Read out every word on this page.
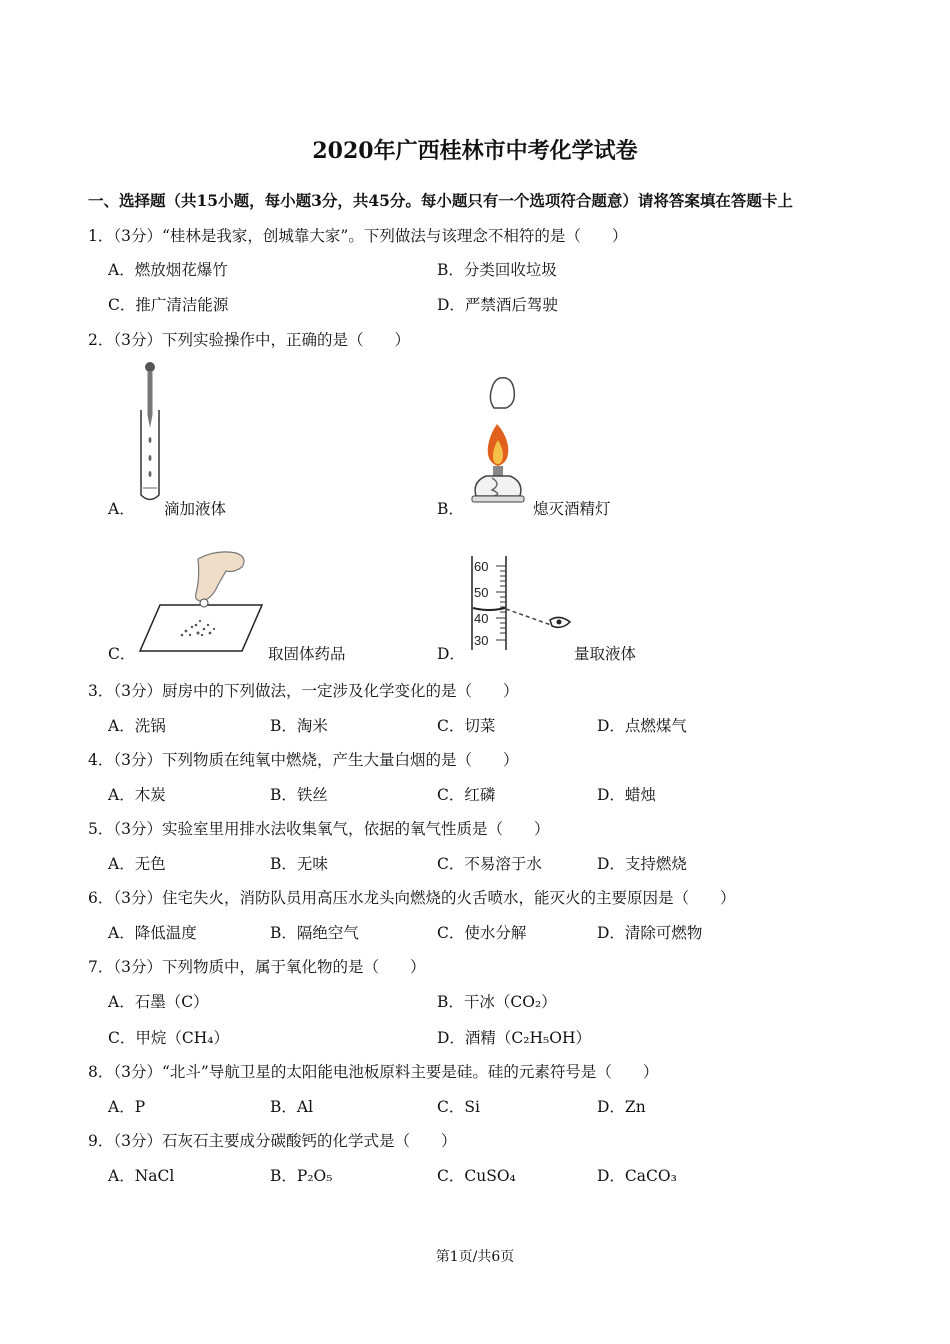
2020年广西桂林市中考化学试卷
一、选择题（共15小题，每小题3分，共45分。每小题只有一个选项符合题意）请将答案填在答题卡上
1．（3分）“桂林是我家，创城靠大家”。下列做法与该理念不相符的是（　　）
A．燃放烟花爆竹	B．分类回收垃圾
C．推广清洁能源	D．严禁酒后驾驶
2．（3分）下列实验操作中，正确的是（　　）
A． 滴加液体	B．	熄灭酒精灯
C．	取固体药品
60
50
40
30
D．	量取液体
3．（3分）厨房中的下列做法，一定涉及化学变化的是（　　）
A．洗锅	B．淘米	C．切菜	D．点燃煤气
4．（3分）下列物质在纯氧中燃烧，产生大量白烟的是（　　）
A．木炭	B．铁丝	C．红磷	D．蜡烛
5．（3分）实验室里用排水法收集氧气，依据的氧气性质是（　　）
A．无色	B．无味	C．不易溶于水	D．支持燃烧
6．（3分）住宅失火，消防队员用高压水龙头向燃烧的火舌喷水，能灭火的主要原因是（　　）
A．降低温度	B．隔绝空气	C．使水分解	D．清除可燃物
7．（3分）下列物质中，属于氧化物的是（　　）
A．石墨（C）	B．干冰（CO₂）
C．甲烷（CH₄）	D．酒精（C₂H₅OH）
8．（3分）“北斗”导航卫星的太阳能电池板原料主要是硅。硅的元素符号是（　　）
A．P	B．Al	C．Si	D．Zn
9．（3分）石灰石主要成分碳酸钙的化学式是（　　）
A．NaCl	B．P₂O₅	C．CuSO₄	D．CaCO₃
第1页/共6页
